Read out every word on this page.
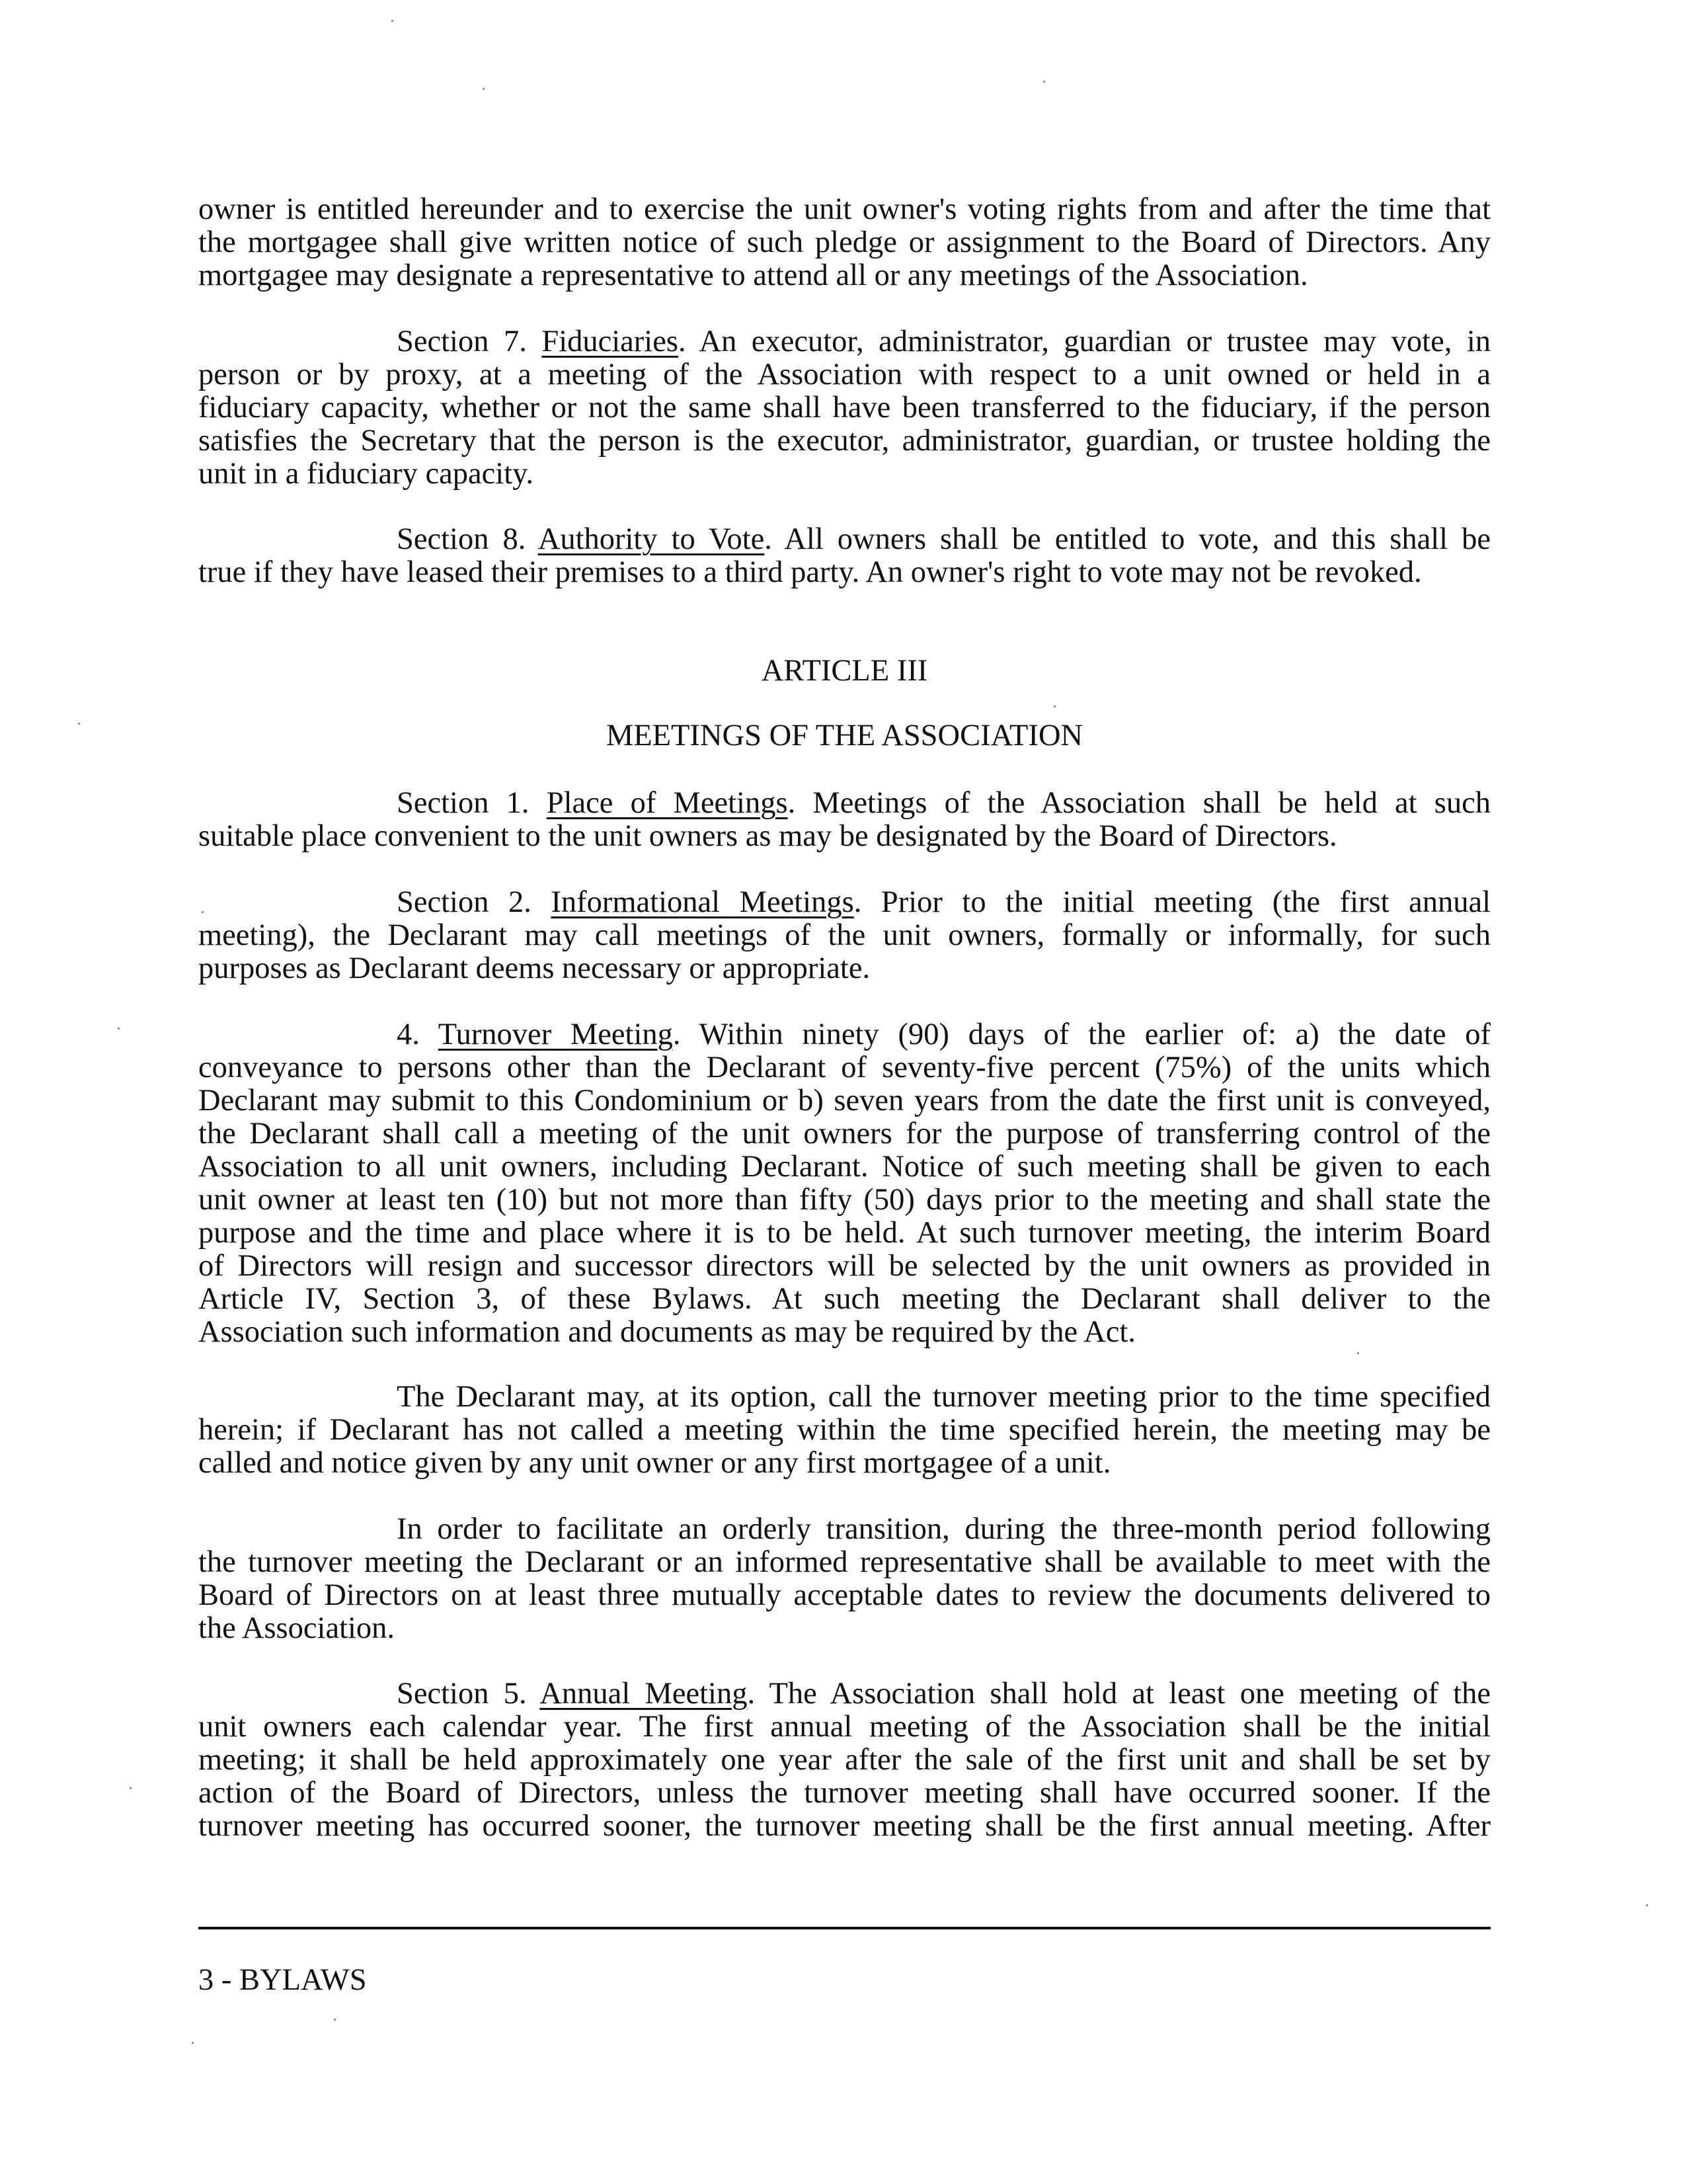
owner is entitled hereunder and to exercise the unit owner's voting rights from and after the time that
the mortgagee shall give written notice of such pledge or assignment to the Board of Directors. Any
mortgagee may designate a representative to attend all or any meetings of the Association.
Section 7. Fiduciaries. An executor, administrator, guardian or trustee may vote, in
person or by proxy, at a meeting of the Association with respect to a unit owned or held in a
fiduciary capacity, whether or not the same shall have been transferred to the fiduciary, if the person
satisfies the Secretary that the person is the executor, administrator, guardian, or trustee holding the
unit in a fiduciary capacity.
Section 8. Authority to Vote. All owners shall be entitled to vote, and this shall be
true if they have leased their premises to a third party. An owner's right to vote may not be revoked.
ARTICLE III
MEETINGS OF THE ASSOCIATION
Section 1. Place of Meetings. Meetings of the Association shall be held at such
suitable place convenient to the unit owners as may be designated by the Board of Directors.
Section 2. Informational Meetings. Prior to the initial meeting (the first annual
meeting), the Declarant may call meetings of the unit owners, formally or informally, for such
purposes as Declarant deems necessary or appropriate.
4. Turnover Meeting. Within ninety (90) days of the earlier of: a) the date of
conveyance to persons other than the Declarant of seventy-five percent (75%) of the units which
Declarant may submit to this Condominium or b) seven years from the date the first unit is conveyed,
the Declarant shall call a meeting of the unit owners for the purpose of transferring control of the
Association to all unit owners, including Declarant. Notice of such meeting shall be given to each
unit owner at least ten (10) but not more than fifty (50) days prior to the meeting and shall state the
purpose and the time and place where it is to be held. At such turnover meeting, the interim Board
of Directors will resign and successor directors will be selected by the unit owners as provided in
Article IV, Section 3, of these Bylaws. At such meeting the Declarant shall deliver to the
Association such information and documents as may be required by the Act.
The Declarant may, at its option, call the turnover meeting prior to the time specified
herein; if Declarant has not called a meeting within the time specified herein, the meeting may be
called and notice given by any unit owner or any first mortgagee of a unit.
In order to facilitate an orderly transition, during the three-month period following
the turnover meeting the Declarant or an informed representative shall be available to meet with the
Board of Directors on at least three mutually acceptable dates to review the documents delivered to
the Association.
Section 5. Annual Meeting. The Association shall hold at least one meeting of the
unit owners each calendar year. The first annual meeting of the Association shall be the initial
meeting; it shall be held approximately one year after the sale of the first unit and shall be set by
action of the Board of Directors, unless the turnover meeting shall have occurred sooner. If the
turnover meeting has occurred sooner, the turnover meeting shall be the first annual meeting. After
3 - BYLAWS
